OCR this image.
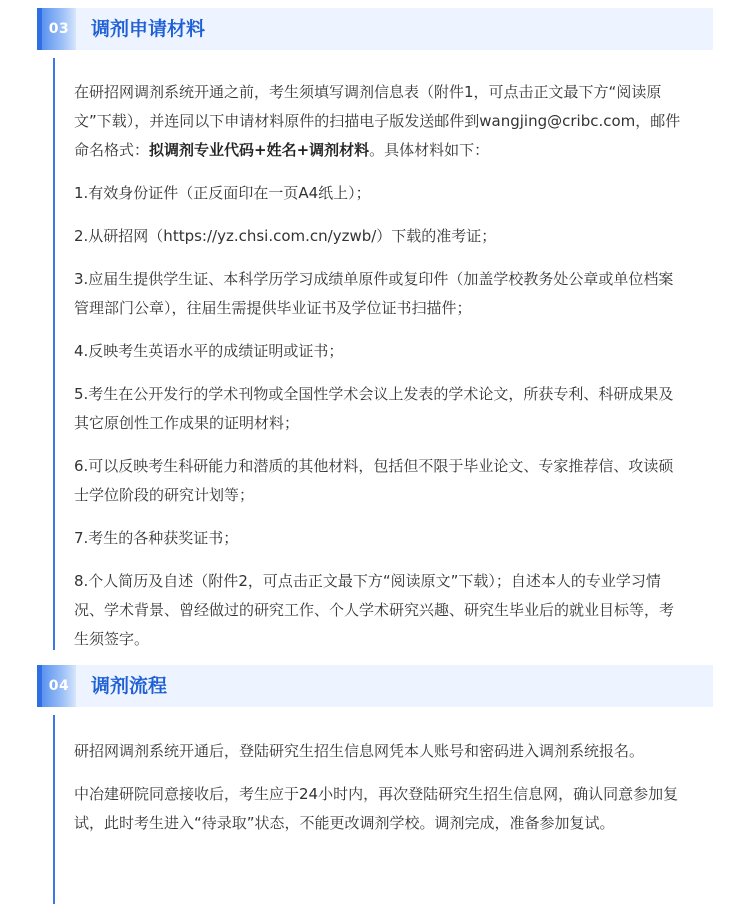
03	调剂申请材料

在研招网调剂系统开通之前，考生须填写调剂信息表（附件1，可点击正文最下方“阅读原文”下载），并连同以下申请材料原件的扫描电子版发送邮件到wangjing@cribc.com，邮件命名格式：拟调剂专业代码+姓名+调剂材料。具体材料如下：

1.有效身份证件（正反面印在一页A4纸上）；

2.从研招网（https://yz.chsi.com.cn/yzwb/）下载的准考证；

3.应届生提供学生证、本科学历学习成绩单原件或复印件（加盖学校教务处公章或单位档案管理部门公章），往届生需提供毕业证书及学位证书扫描件；

4.反映考生英语水平的成绩证明或证书；

5.考生在公开发行的学术刊物或全国性学术会议上发表的学术论文，所获专利、科研成果及其它原创性工作成果的证明材料；

6.可以反映考生科研能力和潜质的其他材料，包括但不限于毕业论文、专家推荐信、攻读硕士学位阶段的研究计划等；

7.考生的各种获奖证书；

8.个人简历及自述（附件2，可点击正文最下方“阅读原文”下载）；自述本人的专业学习情况、学术背景、曾经做过的研究工作、个人学术研究兴趣、研究生毕业后的就业目标等，考生须签字。

04	调剂流程

研招网调剂系统开通后，登陆研究生招生信息网凭本人账号和密码进入调剂系统报名。

中冶建研院同意接收后，考生应于24小时内，再次登陆研究生招生信息网，确认同意参加复试，此时考生进入“待录取”状态，不能更改调剂学校。调剂完成，准备参加复试。
